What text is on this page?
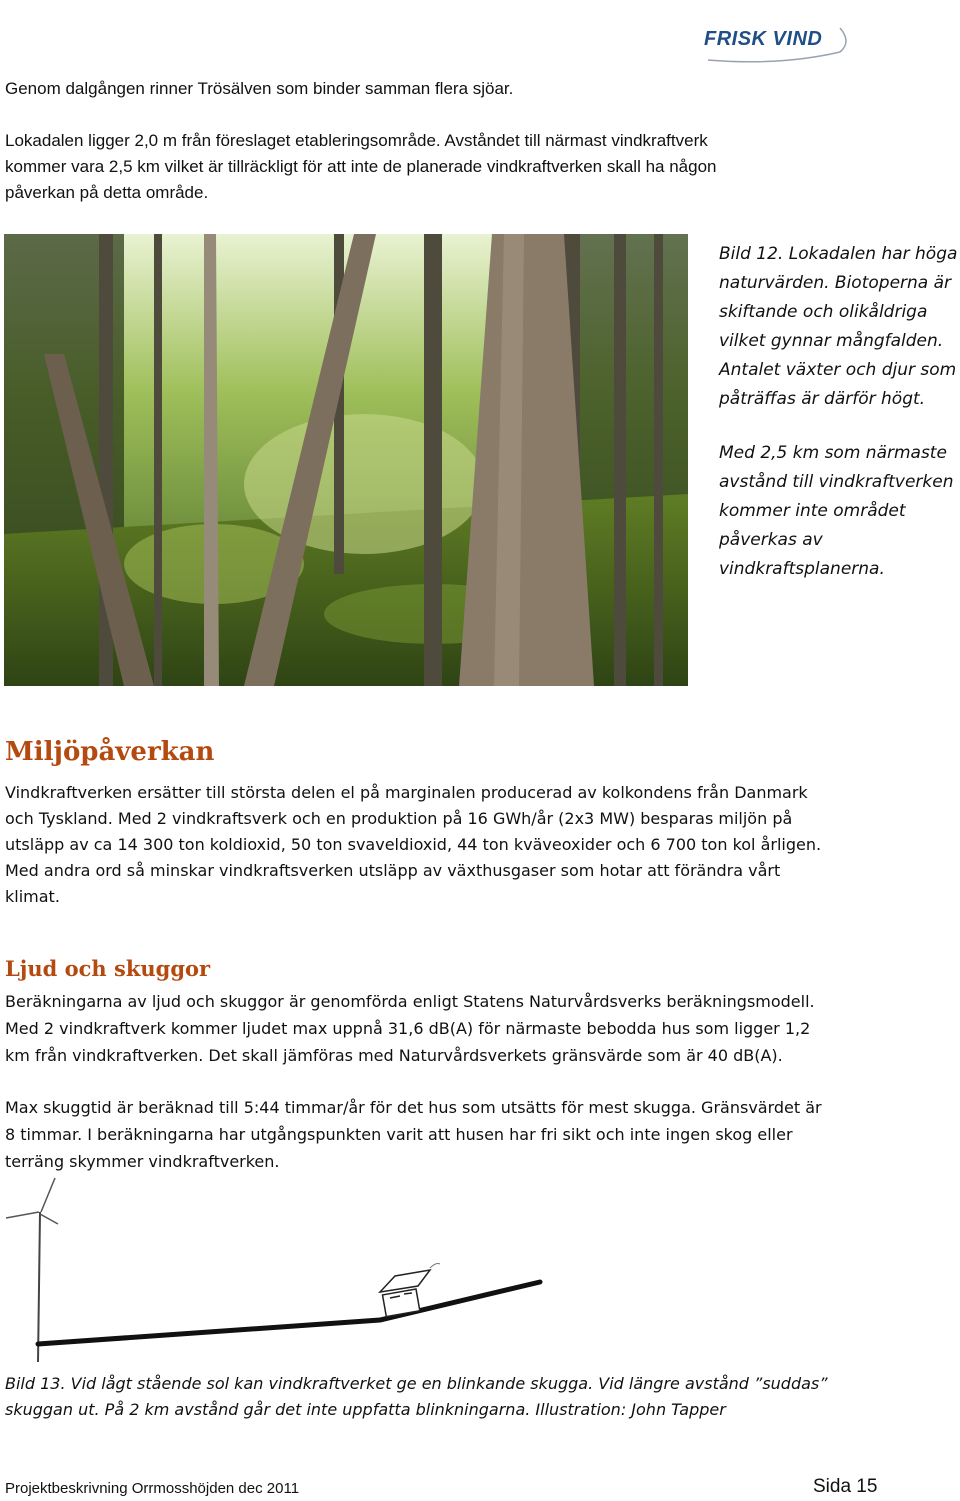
FRISK VIND
Genom dalgången rinner Trösälven som binder samman flera sjöar.
Lokadalen ligger 2,0 m från föreslaget etableringsområde. Avståndet till närmast vindkraftverk
kommer vara 2,5 km vilket är tillräckligt för att inte de planerade vindkraftverken skall ha någon
påverkan på detta område.
Bild 12. Lokadalen har höga
naturvärden. Biotoperna är
skiftande och olikåldriga
vilket gynnar mångfalden.
Antalet växter och djur som
påträffas är därför högt.
Med 2,5 km som närmaste
avstånd till vindkraftverken
kommer inte området
påverkas av
vindkraftsplanerna.
Miljöpåverkan
Vindkraftverken ersätter till största delen el på marginalen producerad av kolkondens från Danmark
och Tyskland. Med 2 vindkraftsverk och en produktion på 16 GWh/år (2x3 MW) besparas miljön på
utsläpp av ca 14 300 ton koldioxid, 50 ton svaveldioxid, 44 ton kväveoxider och 6 700 ton kol årligen.
Med andra ord så minskar vindkraftsverken utsläpp av växthusgaser som hotar att förändra vårt
klimat.
Ljud och skuggor
Beräkningarna av ljud och skuggor är genomförda enligt Statens Naturvårdsverks beräkningsmodell.
Med 2 vindkraftverk kommer ljudet max uppnå 31,6 dB(A) för närmaste bebodda hus som ligger 1,2
km från vindkraftverken. Det skall jämföras med Naturvårdsverkets gränsvärde som är 40 dB(A).
Max skuggtid är beräknad till 5:44 timmar/år för det hus som utsätts för mest skugga. Gränsvärdet är
8 timmar. I beräkningarna har utgångspunkten varit att husen har fri sikt och inte ingen skog eller
terräng skymmer vindkraftverken.
Bild 13. Vid lågt stående sol kan vindkraftverket ge en blinkande skugga. Vid längre avstånd ”suddas”
skuggan ut. På 2 km avstånd går det inte uppfatta blinkningarna. Illustration: John Tapper
Projektbeskrivning Orrmosshöjden dec 2011	Sida 15
